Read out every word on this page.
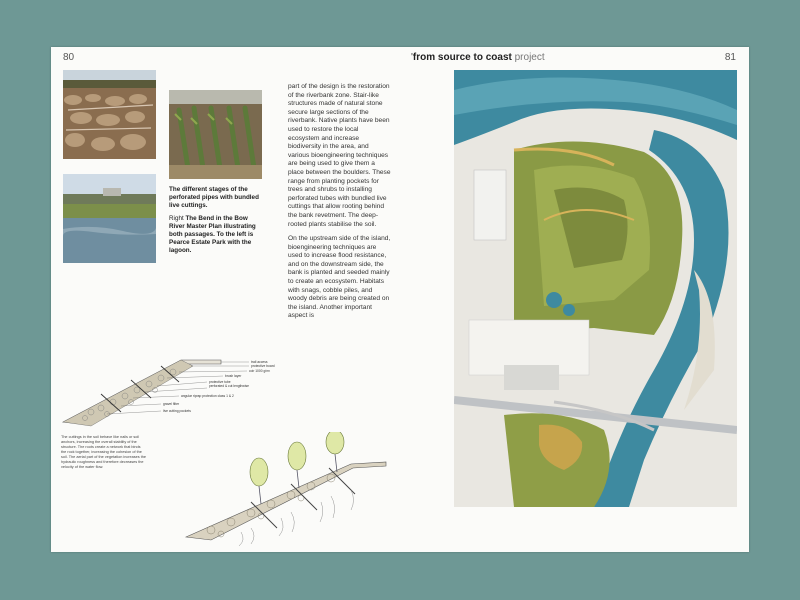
80	'from source to coast project	81

The different stages of the perforated pipes with bundled live cuttings.

Right The Bend in the Bow River Master Plan illustrating both passages. To the left is Pearce Estate Park with the lagoon.

part of the design is the restoration of the riverbank zone. Stair-like structures made of natural stone secure large sections of the riverbank. Native plants have been used to restore the local ecosystem and increase biodiversity in the area, and various bioengineering techniques are being used to give them a place between the boulders. These range from planting pockets for trees and shrubs to installing perforated tubes with bundled live cuttings that allow rooting behind the bank revetment. The deep-rooted plants stabilise the soil.

On the upstream side of the island, bioengineering techniques are used to increase flood resistance, and on the downstream side, the bank is planted and seeded mainly to create an ecosystem. Habitats with snags, cobble piles, and woody debris are being created on the island. Another important aspect is

trail access
protective board
coir 1000 g/m²
brush layer
protective tube
perforated & cut lengthwise
angular riprap protection class 1 & 2
gravel filter
live cutting pockets
The cuttings in the soil behave like nails or soil anchors, increasing the overall stability of the structure. The roots create a network that binds the rock together, increasing the cohesion of the soil. The aerial part of the vegetation increases the hydraulic roughness and therefore decreases the velocity of the water flow.
